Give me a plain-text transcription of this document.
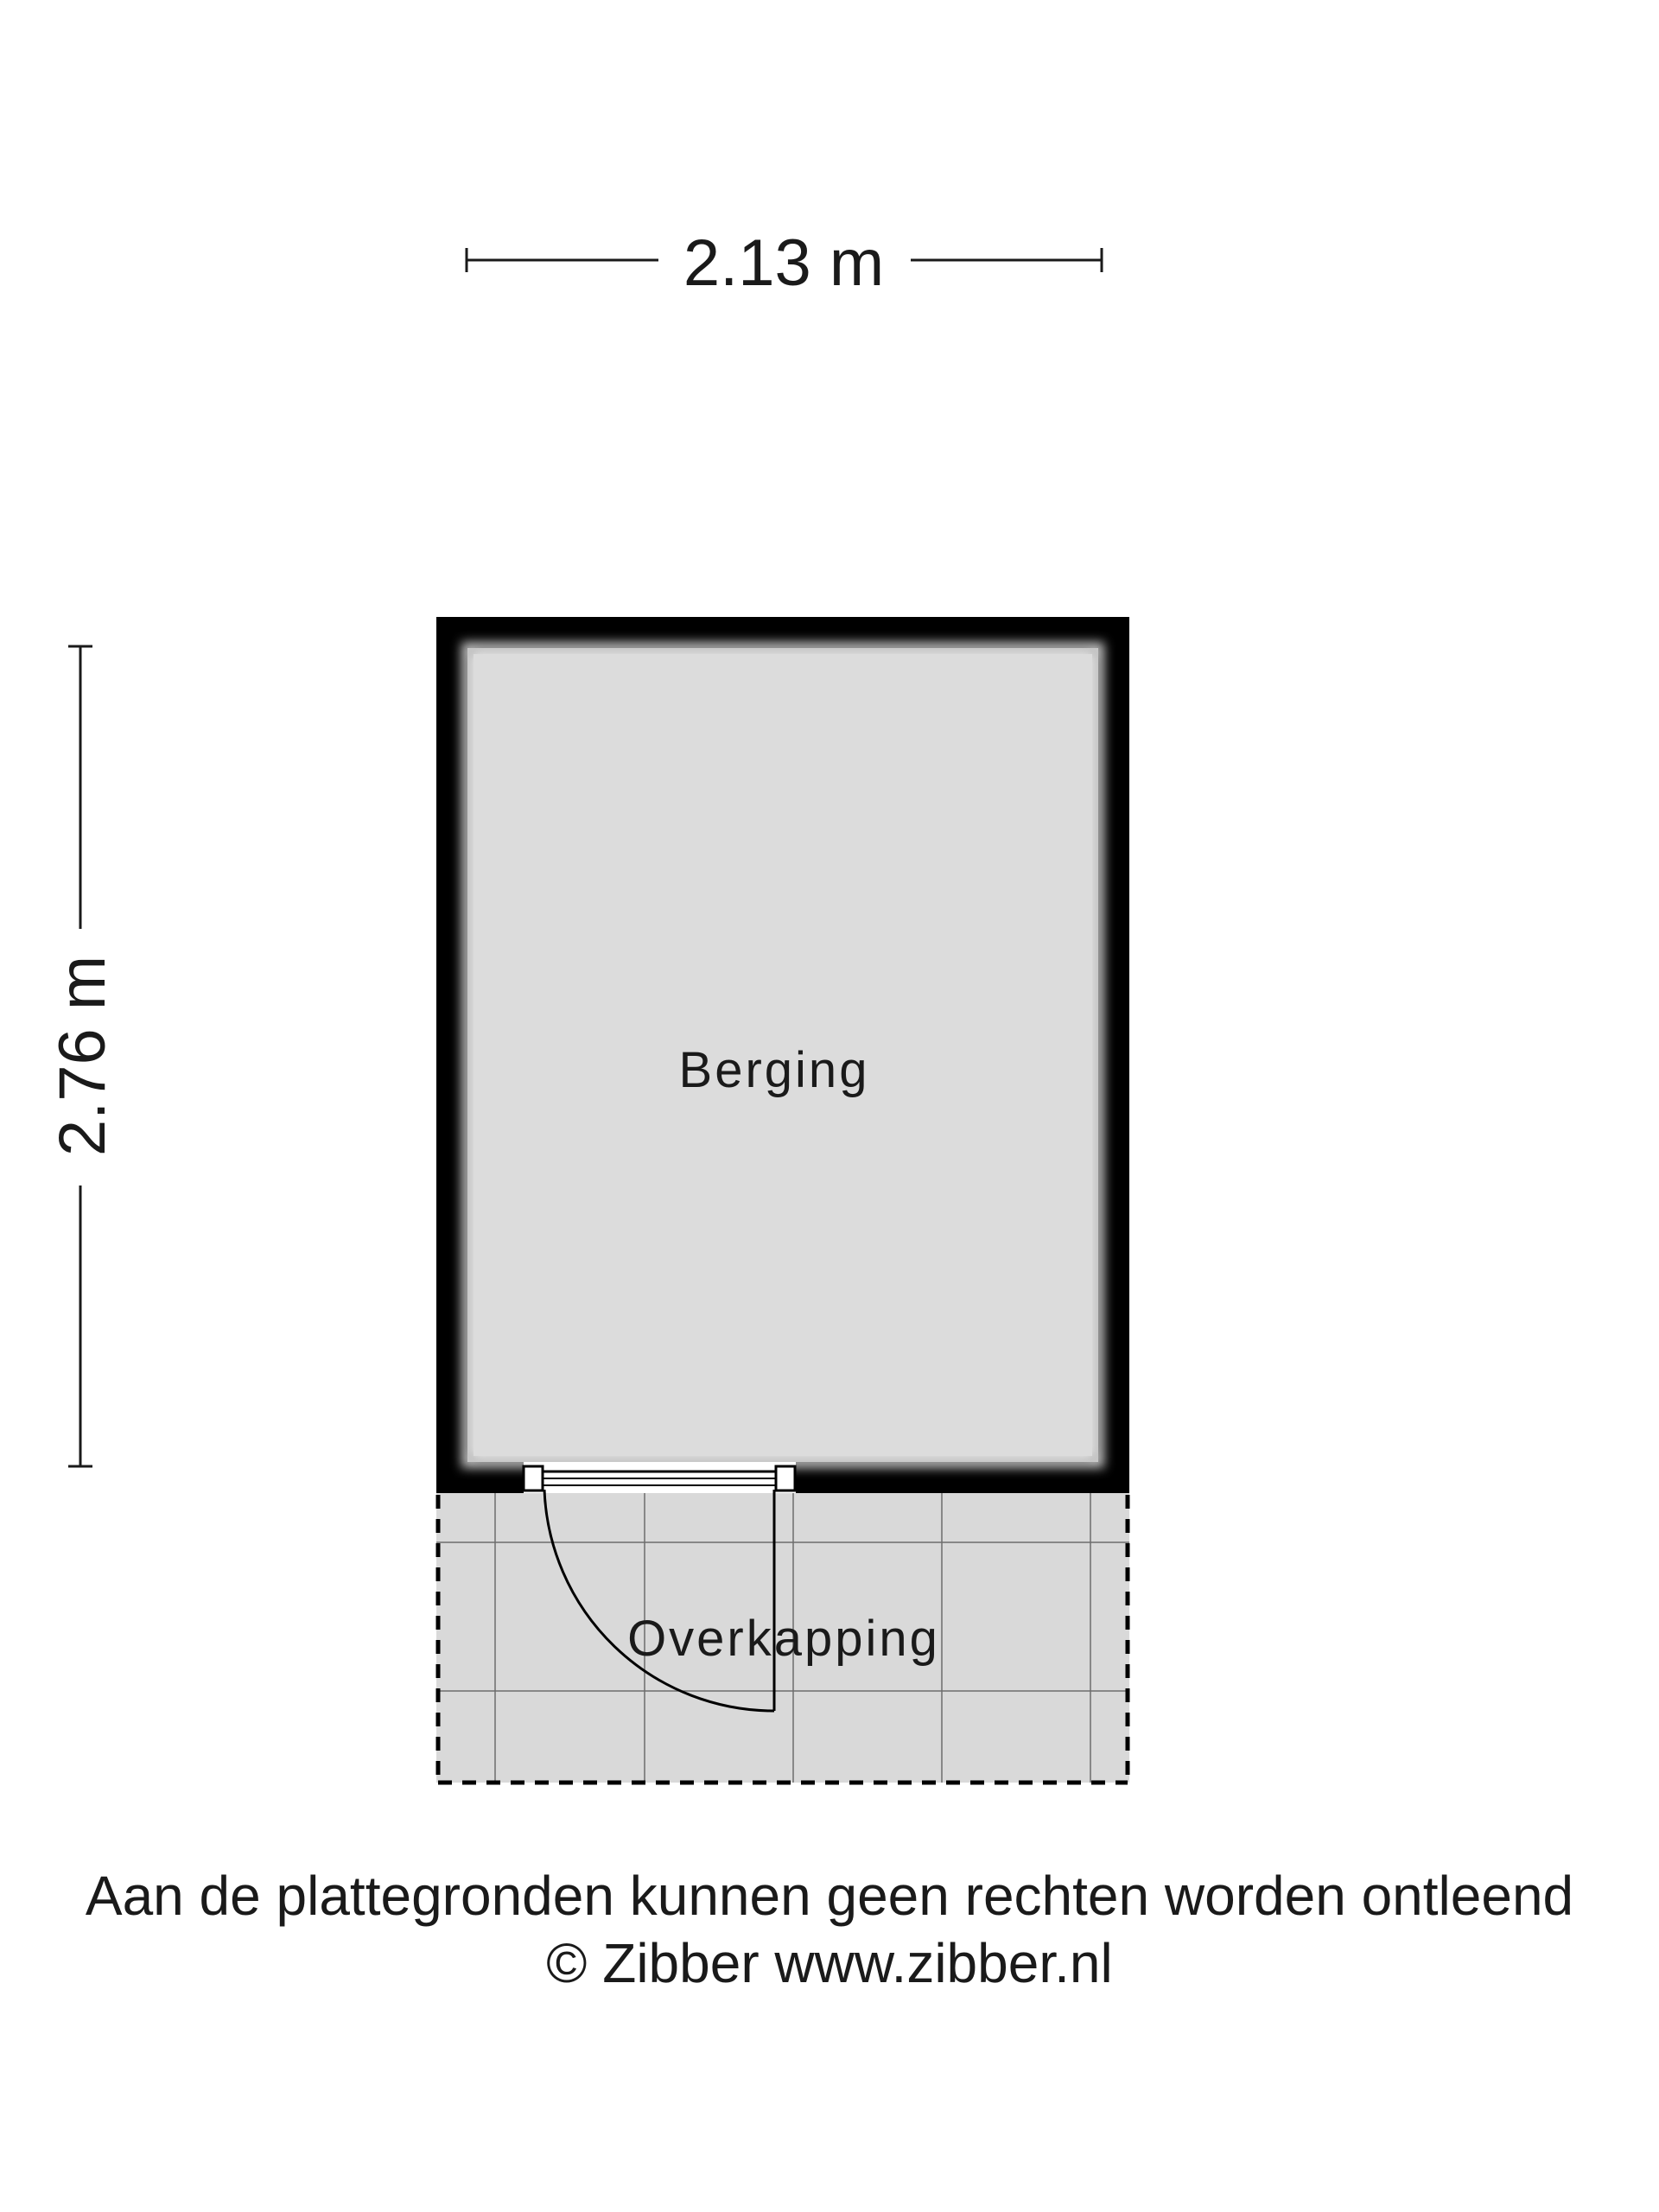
2.13 m
2.76 m	Berging
Overkapping
Aan de plattegronden kunnen geen rechten worden ontleend
© Zibber www.zibber.nl
